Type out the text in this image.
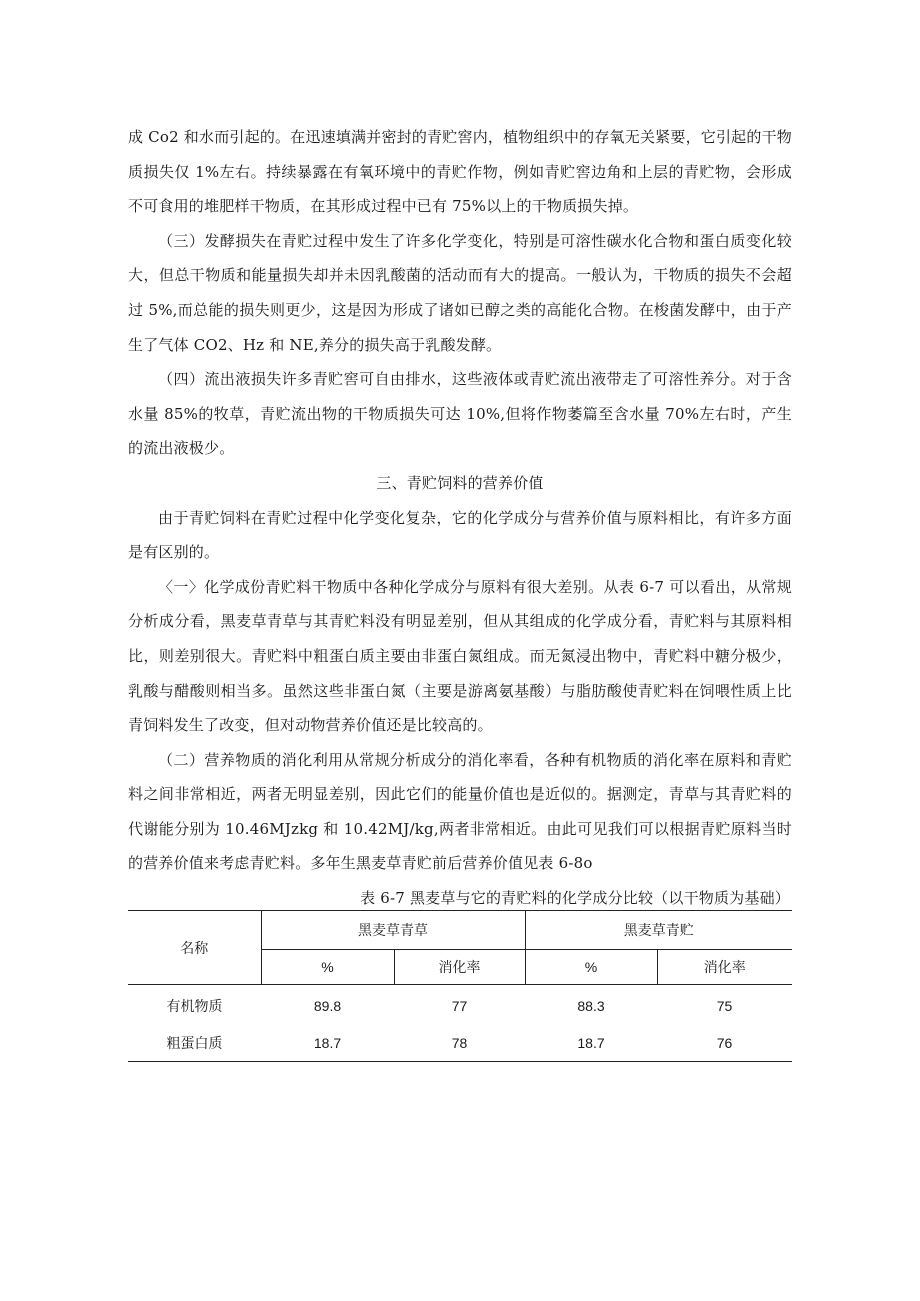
成 Co2 和水而引起的。在迅速填满并密封的青贮窖内，植物组织中的存氧无关紧要，它引起的干物质损失仅 1%左右。持续暴露在有氧环境中的青贮作物，例如青贮窖边角和上层的青贮物，会形成不可食用的堆肥样干物质，在其形成过程中已有 75%以上的干物质损失掉。

（三）发酵损失在青贮过程中发生了许多化学变化，特别是可溶性碳水化合物和蛋白质变化较大，但总干物质和能量损失却并未因乳酸菌的活动而有大的提高。一般认为，干物质的损失不会超过 5%,而总能的损失则更少，这是因为形成了诸如已醇之类的高能化合物。在梭菌发酵中，由于产生了气体 CO2、Hz 和 NE,养分的损失高于乳酸发酵。

（四）流出液损失许多青贮窖可自由排水，这些液体或青贮流出液带走了可溶性养分。对于含水量 85%的牧草，青贮流出物的干物质损失可达 10%,但将作物萎篇至含水量 70%左右时，产生的流出液极少。

三、青贮饲料的营养价值

由于青贮饲料在青贮过程中化学变化复杂，它的化学成分与营养价值与原料相比，有许多方面是有区别的。

〈一〉化学成份青贮料干物质中各种化学成分与原料有很大差别。从表 6-7 可以看出，从常规分析成分看，黑麦草青草与其青贮料没有明显差别，但从其组成的化学成分看，青贮料与其原料相比，则差别很大。青贮料中粗蛋白质主要由非蛋白氮组成。而无氮浸出物中，青贮料中糖分极少，乳酸与醋酸则相当多。虽然这些非蛋白氮（主要是游离氨基酸）与脂肪酸使青贮料在饲喂性质上比青饲料发生了改变，但对动物营养价值还是比较高的。

（二）营养物质的消化利用从常规分析成分的消化率看，各种有机物质的消化率在原料和青贮料之间非常相近，两者无明显差别，因此它们的能量价值也是近似的。据测定，青草与其青贮料的代谢能分别为 10.46MJzkg 和 10.42MJ∕kg,两者非常相近。由此可见我们可以根据青贮原料当时的营养价值来考虑青贮料。多年生黑麦草青贮前后营养价值见表 6-8o

表 6-7 黑麦草与它的青贮料的化学成分比较（以干物质为基础）
名称	黑麦草青草		黑麦草青贮	
	%	消化率	%	消化率
有机物质	89.8	77	88.3	75
粗蛋白质	18.7	78	18.7	76
